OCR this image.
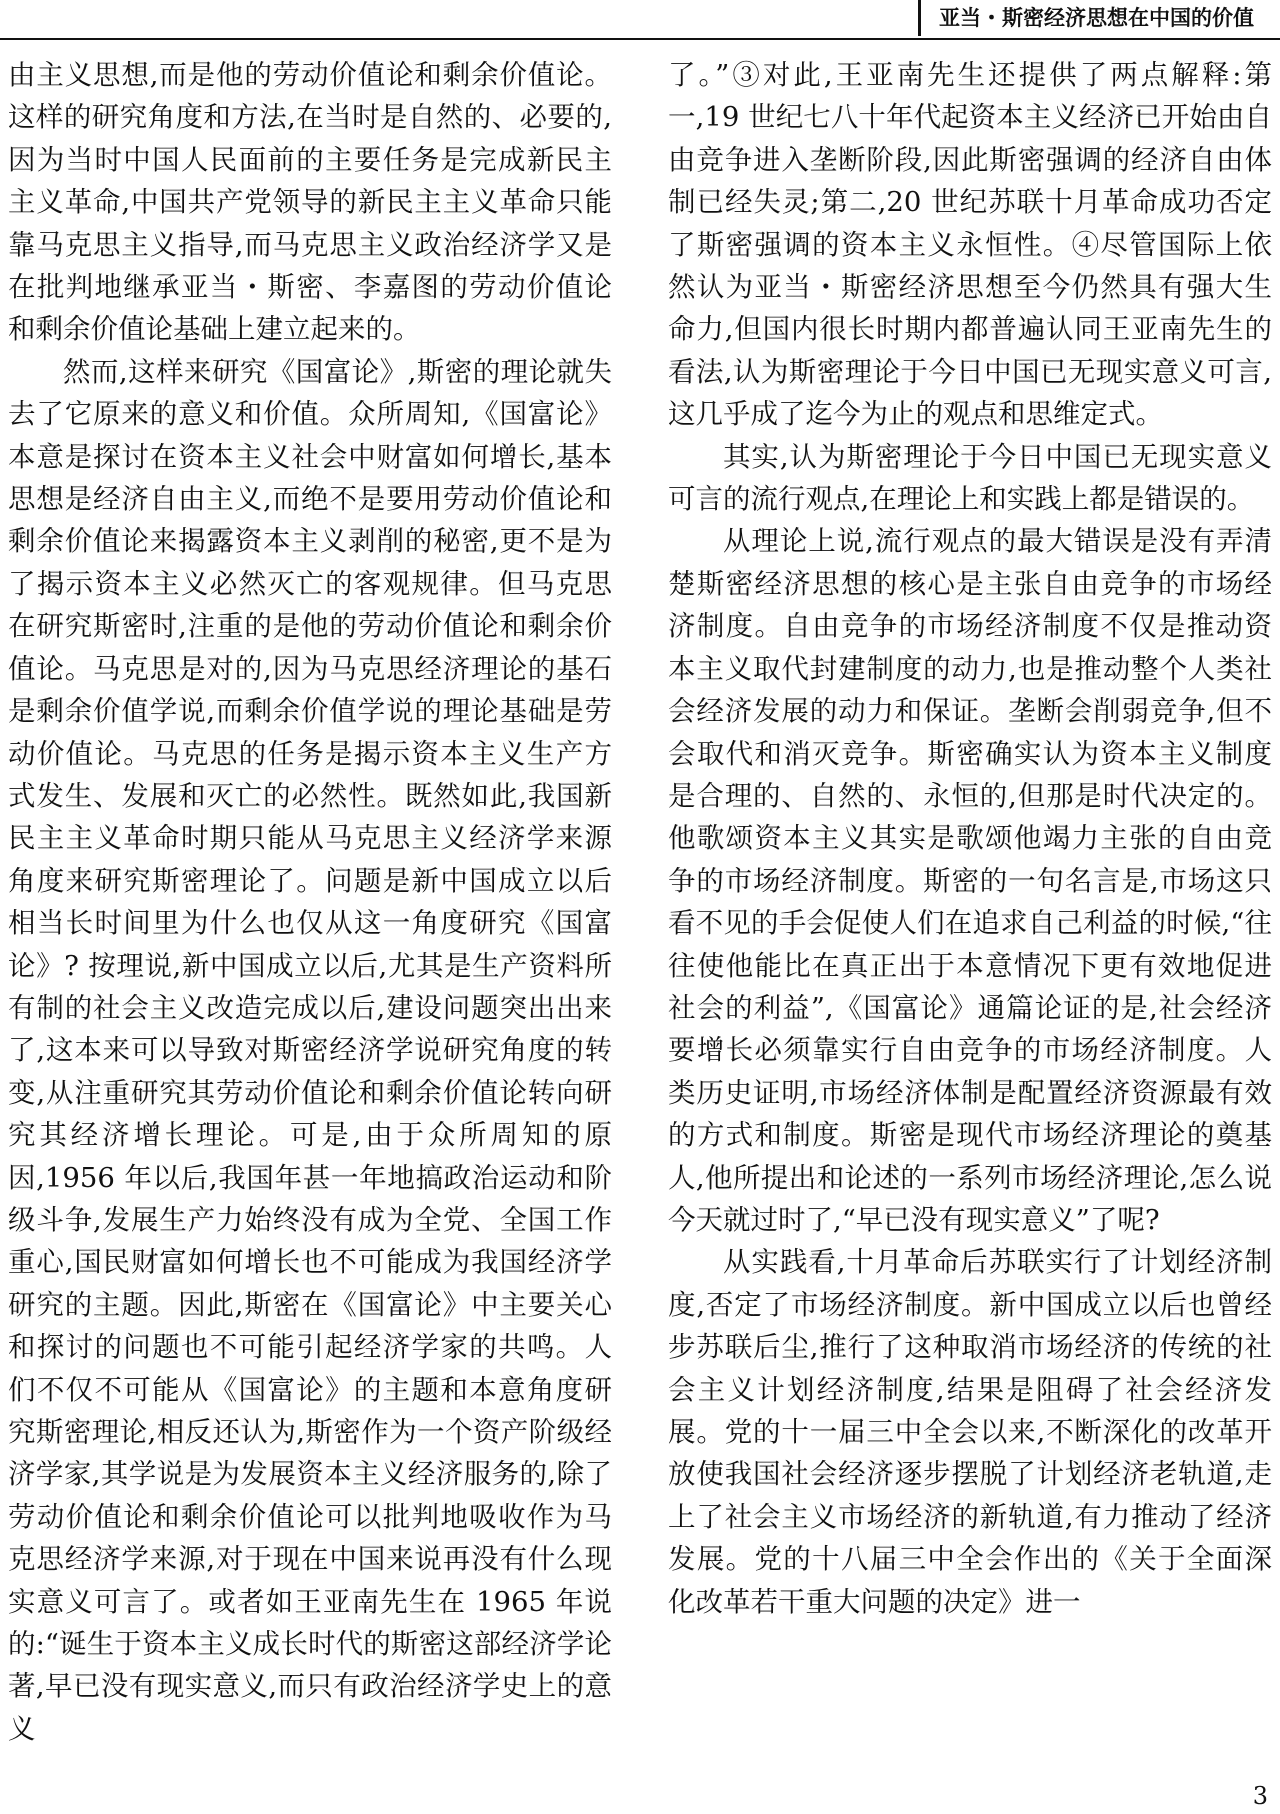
亚当・斯密经济思想在中国的价值

由主义思想,而是他的劳动价值论和剩余价值论。这样的研究角度和方法,在当时是自然的、必要的,因为当时中国人民面前的主要任务是完成新民主主义革命,中国共产党领导的新民主主义革命只能靠马克思主义指导,而马克思主义政治经济学又是在批判地继承亚当・斯密、李嘉图的劳动价值论和剩余价值论基础上建立起来的。

然而,这样来研究《国富论》,斯密的理论就失去了它原来的意义和价值。众所周知,《国富论》本意是探讨在资本主义社会中财富如何增长,基本思想是经济自由主义,而绝不是要用劳动价值论和剩余价值论来揭露资本主义剥削的秘密,更不是为了揭示资本主义必然灭亡的客观规律。但马克思在研究斯密时,注重的是他的劳动价值论和剩余价值论。马克思是对的,因为马克思经济理论的基石是剩余价值学说,而剩余价值学说的理论基础是劳动价值论。马克思的任务是揭示资本主义生产方式发生、发展和灭亡的必然性。既然如此,我国新民主主义革命时期只能从马克思主义经济学来源角度来研究斯密理论了。问题是新中国成立以后相当长时间里为什么也仅从这一角度研究《国富论》? 按理说,新中国成立以后,尤其是生产资料所有制的社会主义改造完成以后,建设问题突出出来了,这本来可以导致对斯密经济学说研究角度的转变,从注重研究其劳动价值论和剩余价值论转向研究其经济增长理论。可是,由于众所周知的原因,1956 年以后,我国年甚一年地搞政治运动和阶级斗争,发展生产力始终没有成为全党、全国工作重心,国民财富如何增长也不可能成为我国经济学研究的主题。因此,斯密在《国富论》中主要关心和探讨的问题也不可能引起经济学家的共鸣。人们不仅不可能从《国富论》的主题和本意角度研究斯密理论,相反还认为,斯密作为一个资产阶级经济学家,其学说是为发展资本主义经济服务的,除了劳动价值论和剩余价值论可以批判地吸收作为马克思经济学来源,对于现在中国来说再没有什么现实意义可言了。或者如王亚南先生在 1965 年说的:“诞生于资本主义成长时代的斯密这部经济学论著,早已没有现实意义,而只有政治经济学史上的意义

了。”③对此,王亚南先生还提供了两点解释:第一,19 世纪七八十年代起资本主义经济已开始由自由竞争进入垄断阶段,因此斯密强调的经济自由体制已经失灵;第二,20 世纪苏联十月革命成功否定了斯密强调的资本主义永恒性。④尽管国际上依然认为亚当・斯密经济思想至今仍然具有强大生命力,但国内很长时期内都普遍认同王亚南先生的看法,认为斯密理论于今日中国已无现实意义可言,这几乎成了迄今为止的观点和思维定式。

其实,认为斯密理论于今日中国已无现实意义可言的流行观点,在理论上和实践上都是错误的。

从理论上说,流行观点的最大错误是没有弄清楚斯密经济思想的核心是主张自由竞争的市场经济制度。自由竞争的市场经济制度不仅是推动资本主义取代封建制度的动力,也是推动整个人类社会经济发展的动力和保证。垄断会削弱竞争,但不会取代和消灭竞争。斯密确实认为资本主义制度是合理的、自然的、永恒的,但那是时代决定的。他歌颂资本主义其实是歌颂他竭力主张的自由竞争的市场经济制度。斯密的一句名言是,市场这只看不见的手会促使人们在追求自己利益的时候,“往往使他能比在真正出于本意情况下更有效地促进社会的利益”,《国富论》通篇论证的是,社会经济要增长必须靠实行自由竞争的市场经济制度。人类历史证明,市场经济体制是配置经济资源最有效的方式和制度。斯密是现代市场经济理论的奠基人,他所提出和论述的一系列市场经济理论,怎么说今天就过时了,“早已没有现实意义”了呢?

从实践看,十月革命后苏联实行了计划经济制度,否定了市场经济制度。新中国成立以后也曾经步苏联后尘,推行了这种取消市场经济的传统的社会主义计划经济制度,结果是阻碍了社会经济发展。党的十一届三中全会以来,不断深化的改革开放使我国社会经济逐步摆脱了计划经济老轨道,走上了社会主义市场经济的新轨道,有力推动了经济发展。党的十八届三中全会作出的《关于全面深化改革若干重大问题的决定》进一

3
